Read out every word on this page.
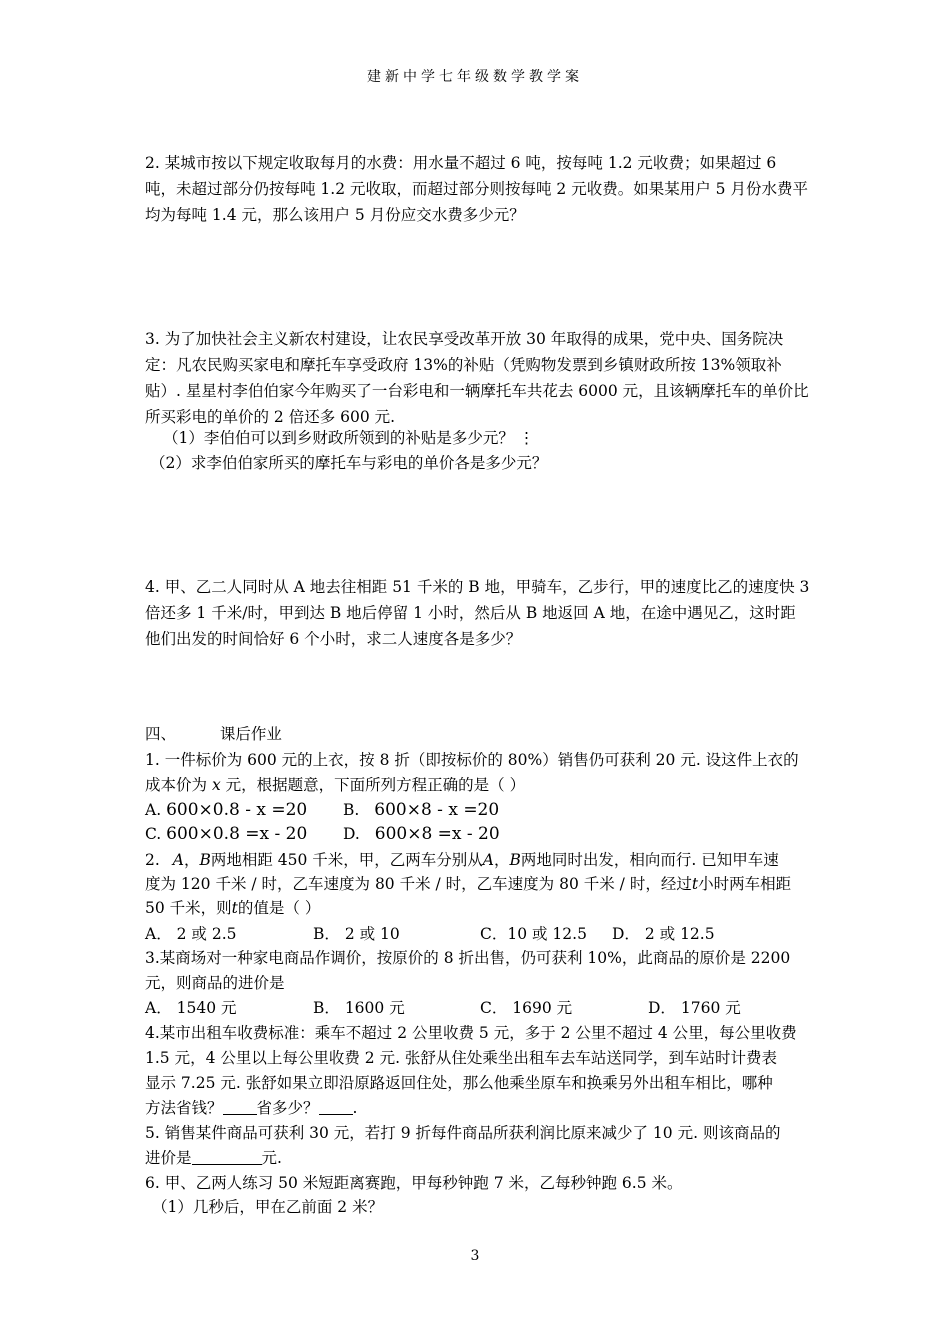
建新中学七年级数学教学案
2. 某城市按以下规定收取每月的水费：用水量不超过 6 吨，按每吨 1.2 元收费；如果超过 6 吨，未超过部分仍按每吨 1.2 元收取，而超过部分则按每吨 2 元收费。如果某用户 5 月份水费平均为每吨 1.4 元，那么该用户 5 月份应交水费多少元？
3. 为了加快社会主义新农村建设，让农民享受改革开放 30 年取得的成果，党中央、国务院决定：凡农民购买家电和摩托车享受政府 13%的补贴（凭购物发票到乡镇财政所按 13%领取补贴）. 星星村李伯伯家今年购买了一台彩电和一辆摩托车共花去 6000 元，且该辆摩托车的单价比所买彩电的单价的 2 倍还多 600 元.
（1）李伯伯可以到乡财政所领到的补贴是多少元？ ⋮
（2）求李伯伯家所买的摩托车与彩电的单价各是多少元？
4. 甲、乙二人同时从 A 地去往相距 51 千米的 B 地，甲骑车，乙步行，甲的速度比乙的速度快 3 倍还多 1 千米/时，甲到达 B 地后停留 1 小时，然后从 B 地返回 A 地，在途中遇见乙，这时距他们出发的时间恰好 6 个小时，求二人速度各是多少？
四、	课后作业
1. 一件标价为 600 元的上衣，按 8 折（即按标价的 80%）销售仍可获利 20 元. 设这件上衣的
成本价为 x 元，根据题意，下面所列方程正确的是（ ）
A. 600×0.8 - x =20 B. 600×8 - x =20
C. 600×0.8 =x - 20 D. 600×8 =x - 20
2. A，B两地相距 450 千米，甲，乙两车分别从A，B两地同时出发，相向而行. 已知甲车速
度为 120 千米 / 时，乙车速度为 80 千米 / 时，乙车速度为 80 千米 / 时，经过t小时两车相距
50 千米，则t的值是（ ）
A． 2 或 2.5	B． 2 或 10	C．10 或 12.5 D． 2 或 12.5
3.某商场对一种家电商品作调价，按原价的 8 折出售，仍可获利 10%，此商品的原价是 2200 元，则商品的进价是
A． 1540 元	B． 1600 元	C． 1690 元	D． 1760 元
4.某市出租车收费标准：乘车不超过 2 公里收费 5 元，多于 2 公里不超过 4 公里，每公里收费
1.5 元，4 公里以上每公里收费 2 元. 张舒从住处乘坐出租车去车站送同学，到车站时计费表
显示 7.25 元. 张舒如果立即沿原路返回住处，那么他乘坐原车和换乘另外出租车相比，哪种
方法省钱？ 省多少？ .
5. 销售某件商品可获利 30 元，若打 9 折每件商品所获利润比原来减少了 10 元. 则该商品的
进价是	元.
6. 甲、乙两人练习 50 米短距离赛跑，甲每秒钟跑 7 米，乙每秒钟跑 6.5 米。
（1）几秒后，甲在乙前面 2 米？
3
